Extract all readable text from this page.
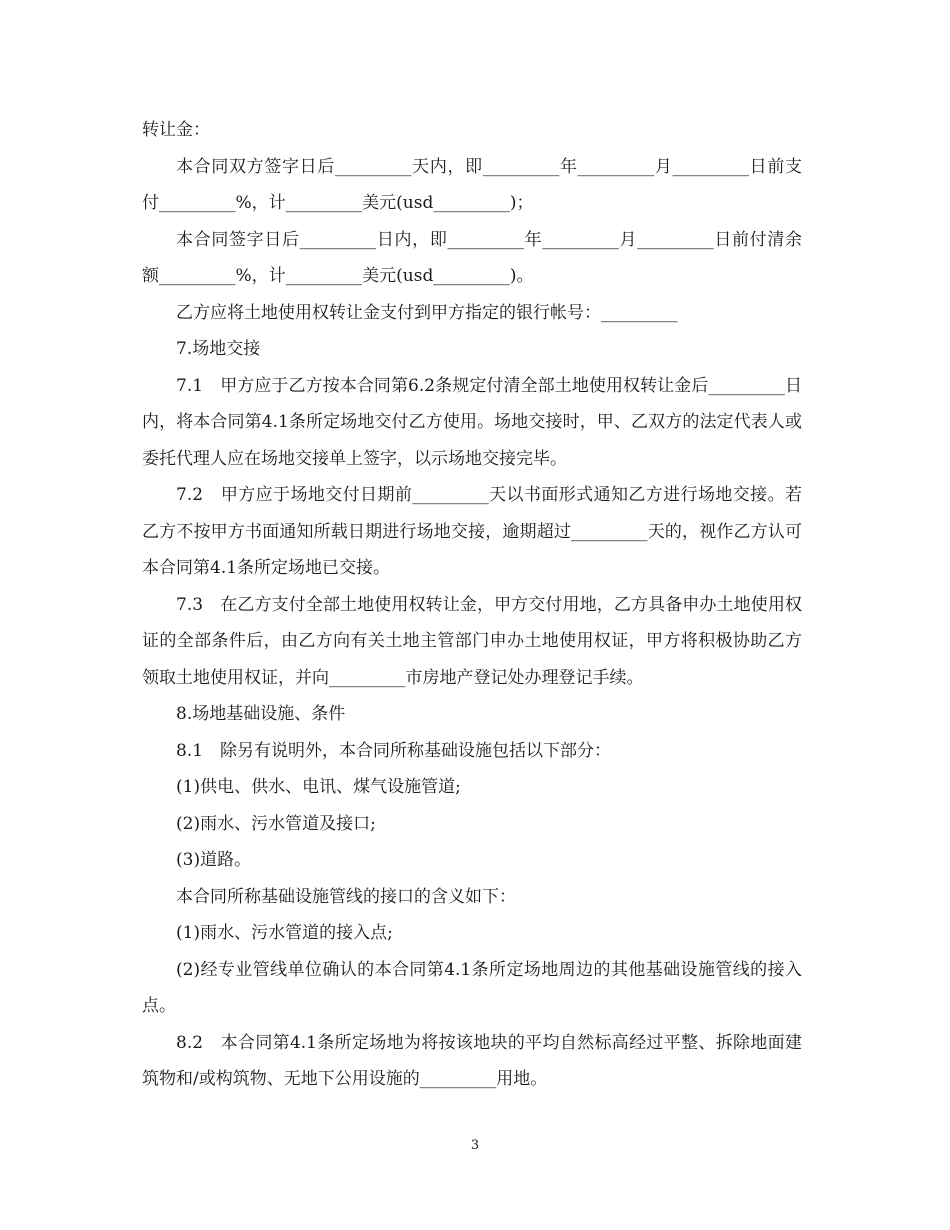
转让金：

本合同双方签字日后_________天内，即_________年_________月_________日前支付_________%，计_________美元(usd_________)；

本合同签字日后_________日内，即_________年_________月_________日前付清余额_________%，计_________美元(usd_________)。

乙方应将土地使用权转让金支付到甲方指定的银行帐号：_________

7.场地交接

7.1　甲方应于乙方按本合同第6.2条规定付清全部土地使用权转让金后_________日内，将本合同第4.1条所定场地交付乙方使用。场地交接时，甲、乙双方的法定代表人或委托代理人应在场地交接单上签字，以示场地交接完毕。

7.2　甲方应于场地交付日期前_________天以书面形式通知乙方进行场地交接。若乙方不按甲方书面通知所载日期进行场地交接，逾期超过_________天的，视作乙方认可本合同第4.1条所定场地已交接。

7.3　在乙方支付全部土地使用权转让金，甲方交付用地，乙方具备申办土地使用权证的全部条件后，由乙方向有关土地主管部门申办土地使用权证，甲方将积极协助乙方领取土地使用权证，并向_________市房地产登记处办理登记手续。

8.场地基础设施、条件

8.1　除另有说明外，本合同所称基础设施包括以下部分：

(1)供电、供水、电讯、煤气设施管道;

(2)雨水、污水管道及接口;

(3)道路。

本合同所称基础设施管线的接口的含义如下：

(1)雨水、污水管道的接入点;

(2)经专业管线单位确认的本合同第4.1条所定场地周边的其他基础设施管线的接入点。

8.2　本合同第4.1条所定场地为将按该地块的平均自然标高经过平整、拆除地面建筑物和/或构筑物、无地下公用设施的_________用地。

3
